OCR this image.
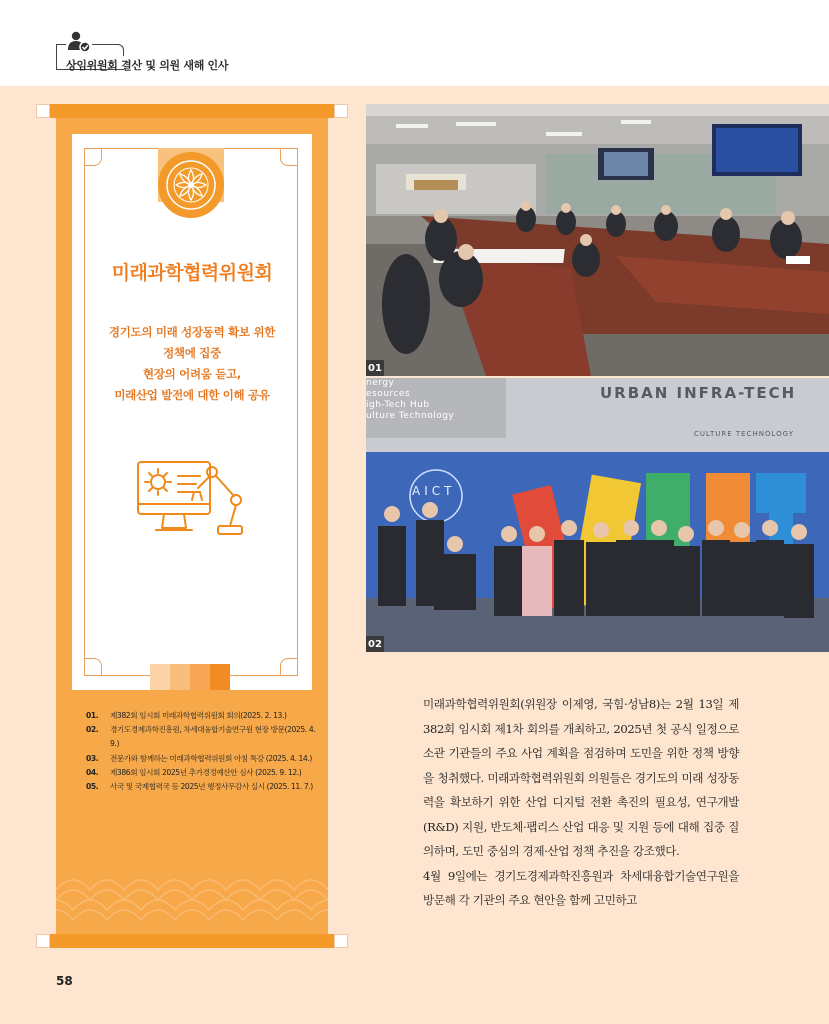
상임위원회 결산 및 의원 새해 인사
미래과학협력위원회
경기도의 미래 성장동력 확보 위한
정책에 집중
현장의 어려움 듣고,
미래산업 발전에 대한 이해 공유
01.	제382회 임시회 미래과학협력위원회 회의(2025. 2. 13.)
02.	경기도경제과학진흥원, 차세대융합기술연구원 현장 방문(2025. 4. 9.)
03.	전문가와 함께하는 미래과학협력위원회 아침 특강 (2025. 4. 14.)
04.	제386회 임시회 2025년 추가경정예산안 심사 (2025. 9. 12.)
05.	사국 및 국제협력국 등 2025년 행정사무감사 실시 (2025. 11. 7.)
01
nergy
esources
igh-Tech Hub
ulture Technology
URBAN INFRA-TECH
CULTURE TECHNOLOGY
AICT
02

미래과학협력위원회(위원장 이제영, 국힘·성남8)는 2월 13일 제382회 임시회 제1차 회의를 개최하고, 2025년 첫 공식 일정으로 소관 기관들의 주요 사업 계획을 점검하며 도민을 위한 정책 방향을 청취했다. 미래과학협력위원회 의원들은 경기도의 미래 성장동력을 확보하기 위한 산업 디지털 전환 촉진의 필요성, 연구개발(R&D) 지원, 반도체·팹리스 산업 대응 및 지원 등에 대해 집중 질의하며, 도민 중심의 경제·산업 정책 추진을 강조했다.

4월 9일에는 경기도경제과학진흥원과 차세대융합기술연구원을 방문해 각 기관의 주요 현안을 함께 고민하고

58
